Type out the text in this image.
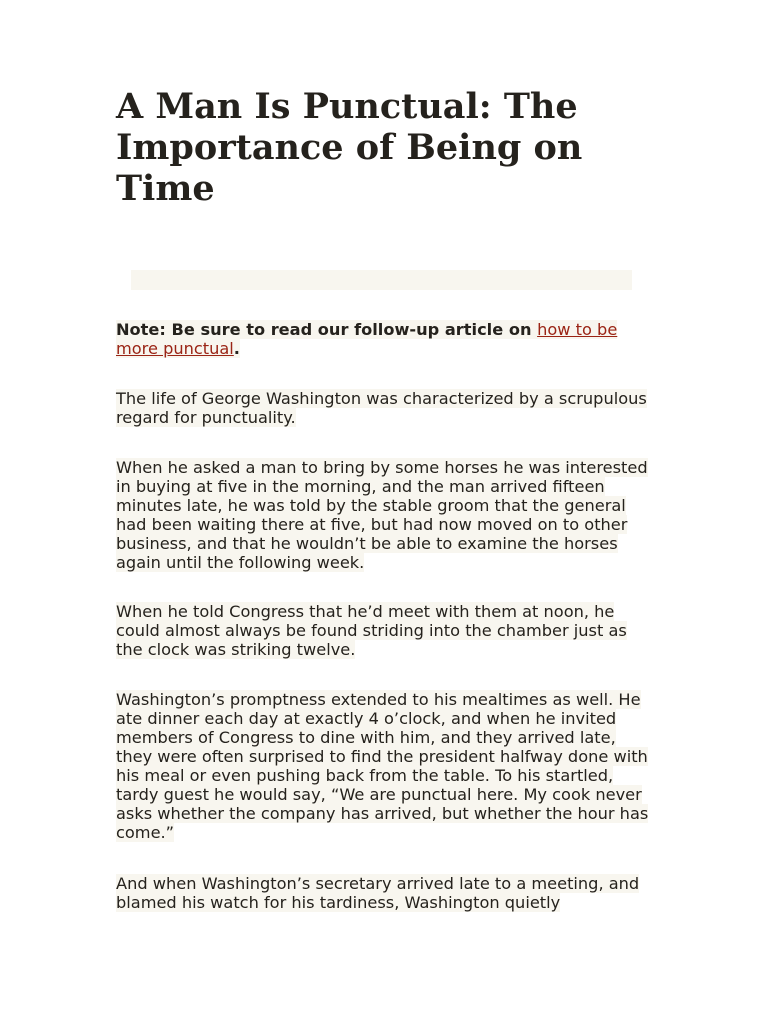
A Man Is Punctual: The Importance of Being on Time

Note: Be sure to read our follow-up article on how to be more punctual.

The life of George Washington was characterized by a scrupulous regard for punctuality.

When he asked a man to bring by some horses he was interested in buying at five in the morning, and the man arrived fifteen minutes late, he was told by the stable groom that the general had been waiting there at five, but had now moved on to other business, and that he wouldn’t be able to examine the horses again until the following week.

When he told Congress that he’d meet with them at noon, he could almost always be found striding into the chamber just as the clock was striking twelve.

Washington’s promptness extended to his mealtimes as well. He ate dinner each day at exactly 4 o’clock, and when he invited members of Congress to dine with him, and they arrived late, they were often surprised to find the president halfway done with his meal or even pushing back from the table. To his startled, tardy guest he would say, “We are punctual here. My cook never asks whether the company has arrived, but whether the hour has come.”

And when Washington’s secretary arrived late to a meeting, and blamed his watch for his tardiness, Washington quietly
